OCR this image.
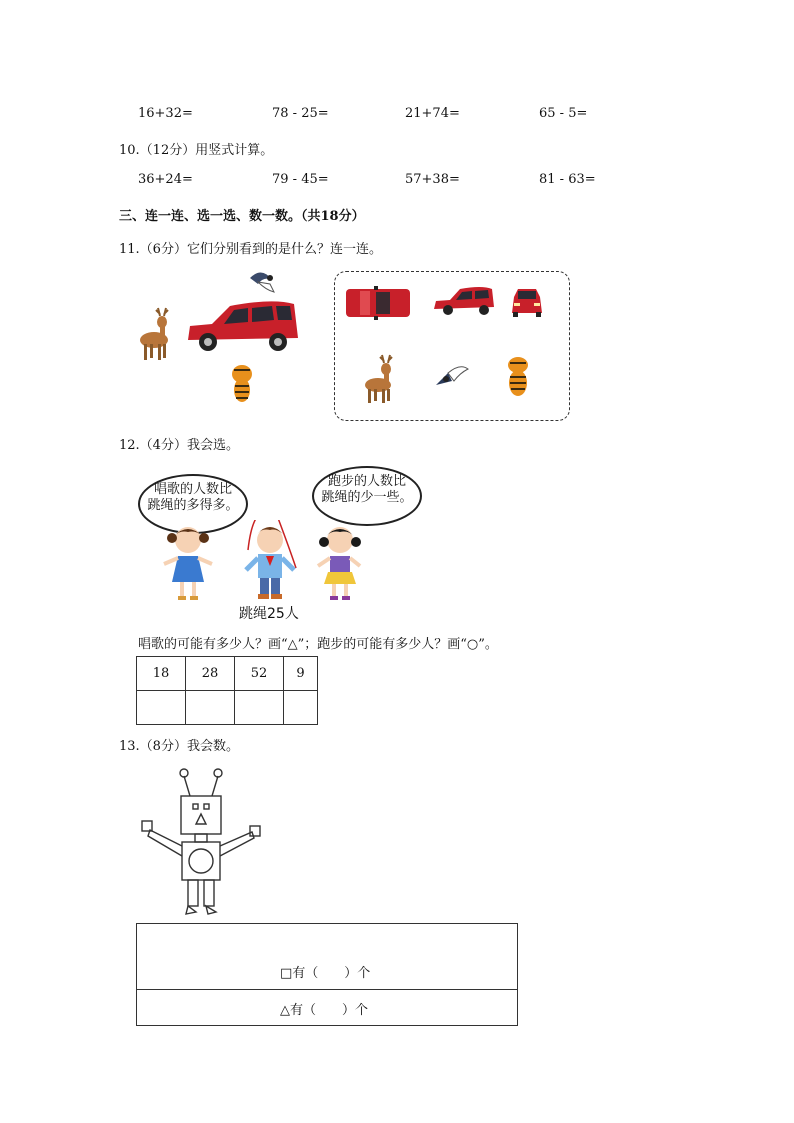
16+32=	78 - 25=	21+74=	65 - 5=
10.（12分）用竖式计算。
36+24=	79 - 45=	57+38=	81 - 63=
三、连一连、选一选、数一数。（共18分）
11.（6分）它们分别看到的是什么？连一连。
12.（4分）我会选。
唱歌的人数比
跳绳的多得多。
跑步的人数比
跳绳的少一些。
跳绳25人
唱歌的可能有多少人？画“△”；跑步的可能有多少人？画“○”。
18	28	52	9

13.（8分）我会数。
□有（　　）个
△有（　　）个
